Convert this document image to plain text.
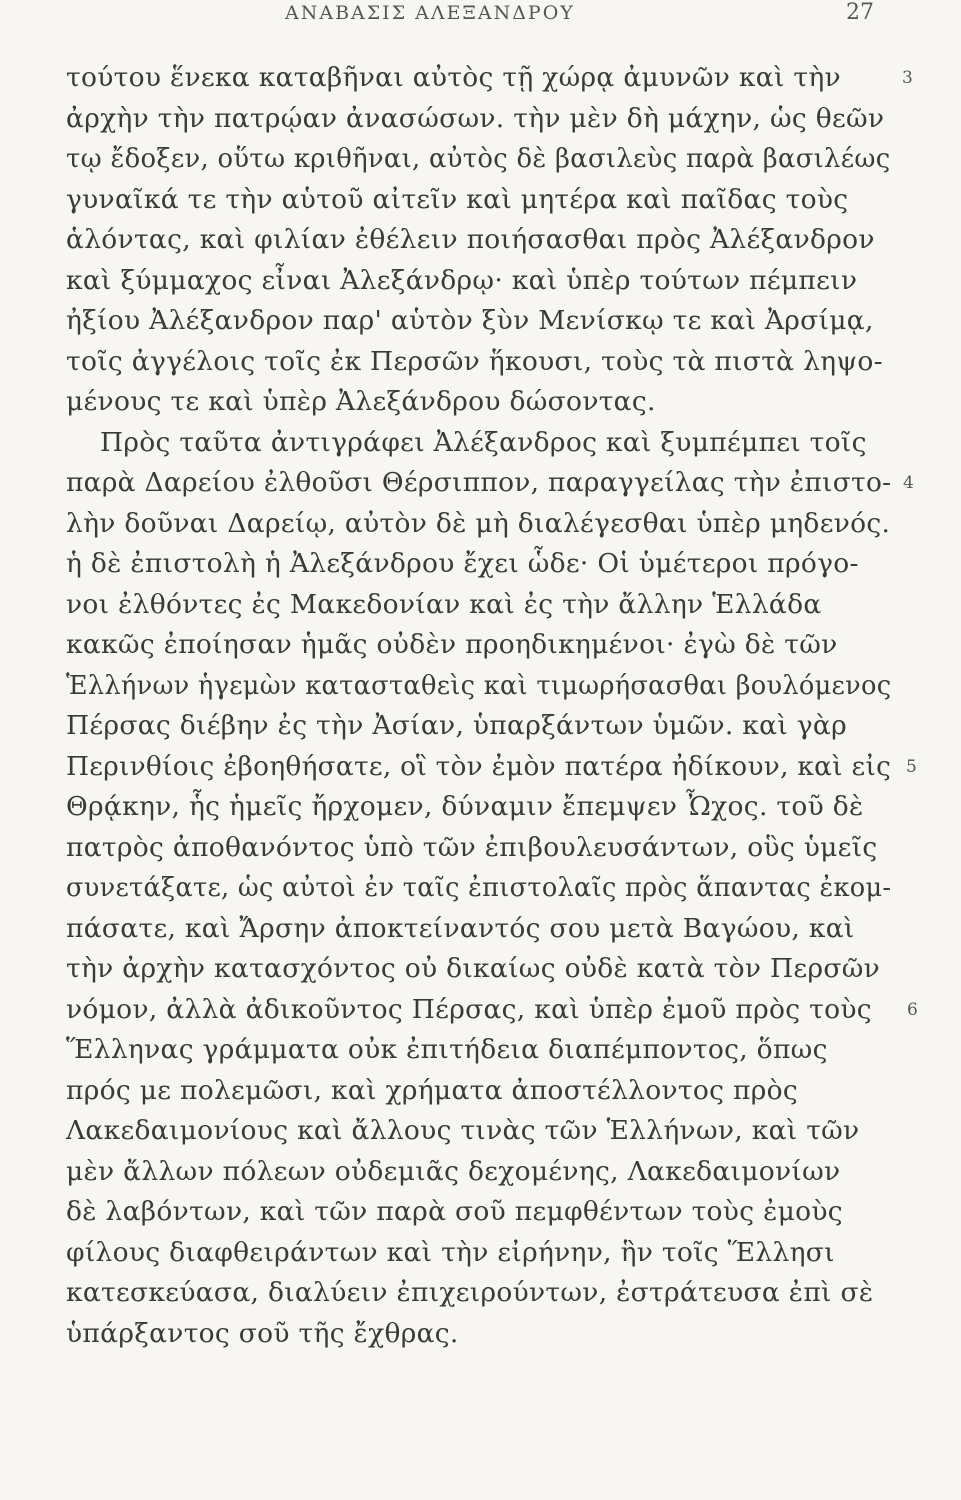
ΑΝΑΒΑΣΙΣ ΑΛΕΞΑΝΔΡΟΥ	27
τούτου ἕνεκα καταβῆναι αὐτὸς τῇ χώρᾳ ἀμυνῶν καὶ τὴν
ἀρχὴν τὴν πατρῴαν ἀνασώσων. τὴν μὲν δὴ μάχην, ὡς θεῶν
τῳ ἔδοξεν, οὕτω κριθῆναι, αὐτὸς δὲ βασιλεὺς παρὰ βασιλέως
γυναῖκά τε τὴν αὑτοῦ αἰτεῖν καὶ μητέρα καὶ παῖδας τοὺς
ἁλόντας, καὶ φιλίαν ἐθέλειν ποιήσασθαι πρὸς Ἀλέξανδρον
καὶ ξύμμαχος εἶναι Ἀλεξάνδρῳ· καὶ ὑπὲρ τούτων πέμπειν
ἠξίου Ἀλέξανδρον παρ' αὑτὸν ξὺν Μενίσκῳ τε καὶ Ἀρσίμᾳ,
τοῖς ἀγγέλοις τοῖς ἐκ Περσῶν ἥκουσι, τοὺς τὰ πιστὰ ληψο-
μένους τε καὶ ὑπὲρ Ἀλεξάνδρου δώσοντας.
Πρὸς ταῦτα ἀντιγράφει Ἀλέξανδρος καὶ ξυμπέμπει τοῖς
παρὰ Δαρείου ἐλθοῦσι Θέρσιππον, παραγγείλας τὴν ἐπιστο-
λὴν δοῦναι Δαρείῳ, αὐτὸν δὲ μὴ διαλέγεσθαι ὑπὲρ μηδενός.
ἡ δὲ ἐπιστολὴ ἡ Ἀλεξάνδρου ἔχει ὧδε· Οἱ ὑμέτεροι πρόγο-
νοι ἐλθόντες ἐς Μακεδονίαν καὶ ἐς τὴν ἄλλην Ἑλλάδα
κακῶς ἐποίησαν ἡμᾶς οὐδὲν προηδικημένοι· ἐγὼ δὲ τῶν
Ἑλλήνων ἡγεμὼν κατασταθεὶς καὶ τιμωρήσασθαι βουλόμενος
Πέρσας διέβην ἐς τὴν Ἀσίαν, ὑπαρξάντων ὑμῶν. καὶ γὰρ
Περινθίοις ἐβοηθήσατε, οἳ τὸν ἐμὸν πατέρα ἠδίκουν, καὶ εἰς
Θρᾴκην, ἧς ἡμεῖς ἤρχομεν, δύναμιν ἔπεμψεν Ὦχος. τοῦ δὲ
πατρὸς ἀποθανόντος ὑπὸ τῶν ἐπιβουλευσάντων, οὓς ὑμεῖς
συνετάξατε, ὡς αὐτοὶ ἐν ταῖς ἐπιστολαῖς πρὸς ἅπαντας ἐκομ-
πάσατε, καὶ Ἄρσην ἀποκτείναντός σου μετὰ Βαγώου, καὶ
τὴν ἀρχὴν κατασχόντος οὐ δικαίως οὐδὲ κατὰ τὸν Περσῶν
νόμον, ἀλλὰ ἀδικοῦντος Πέρσας, καὶ ὑπὲρ ἐμοῦ πρὸς τοὺς
Ἕλληνας γράμματα οὐκ ἐπιτήδεια διαπέμποντος, ὅπως
πρός με πολεμῶσι, καὶ χρήματα ἀποστέλλοντος πρὸς
Λακεδαιμονίους καὶ ἄλλους τινὰς τῶν Ἑλλήνων, καὶ τῶν
μὲν ἄλλων πόλεων οὐδεμιᾶς δεχομένης, Λακεδαιμονίων
δὲ λαβόντων, καὶ τῶν παρὰ σοῦ πεμφθέντων τοὺς ἐμοὺς
φίλους διαφθειράντων καὶ τὴν εἰρήνην, ἣν τοῖς Ἕλλησι
κατεσκεύασα, διαλύειν ἐπιχειρούντων, ἐστράτευσα ἐπὶ σὲ
ὑπάρξαντος σοῦ τῆς ἔχθρας.
3
4
5
6
